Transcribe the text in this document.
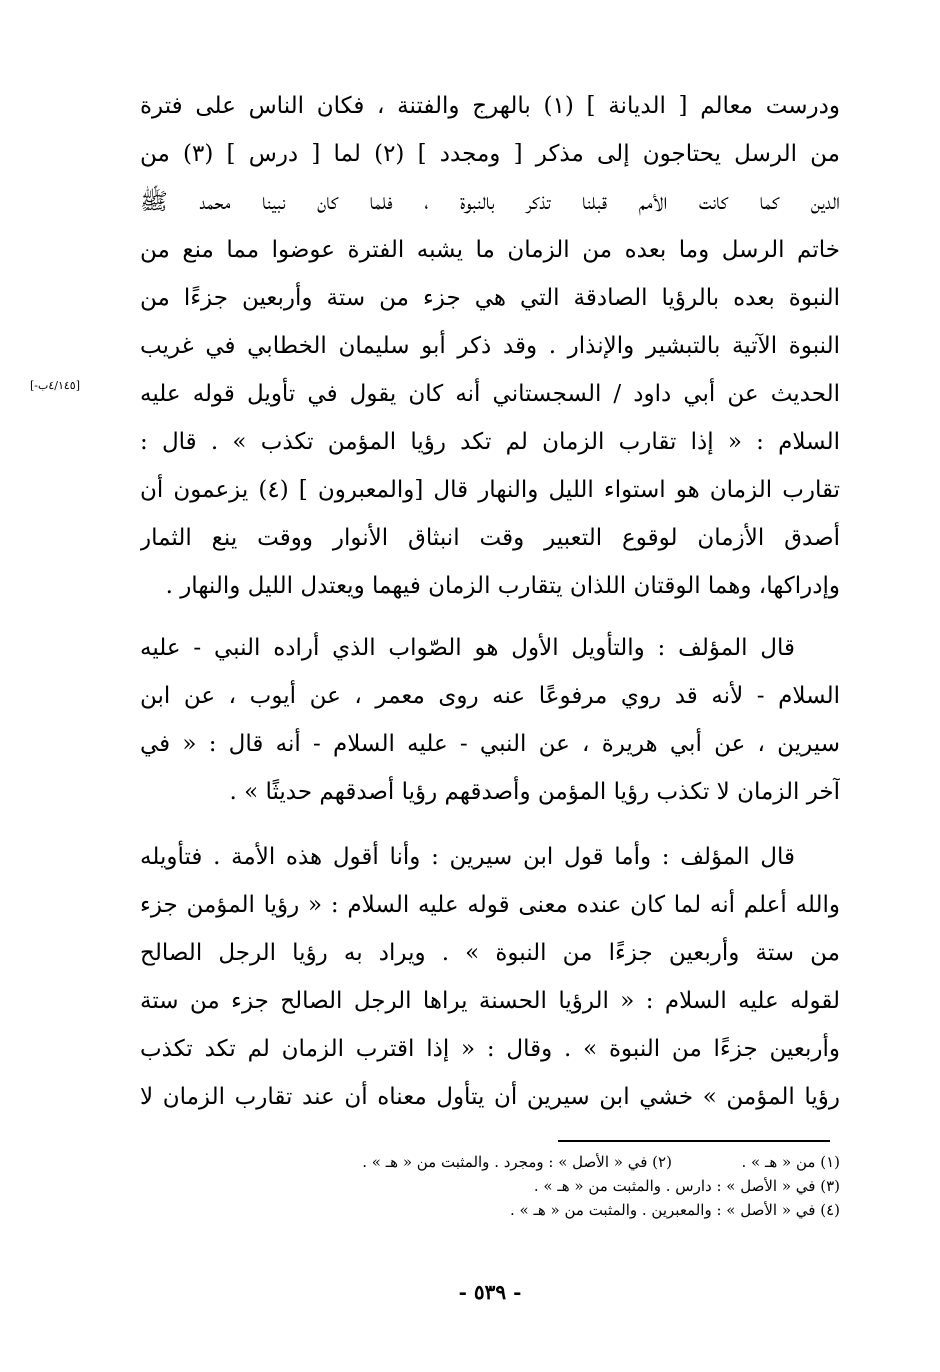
ودرست معالم [ الديانة ] (١) بالهرج والفتنة ، فكان الناس على فترة
من الرسل يحتاجون إلى مذكر [ ومجدد ] (٢) لما [ درس ] (٣) من
الدين كما كانت الأمم قبلنا تذكر بالنبوة ، فلما كان نبينا محمد ﷺ
خاتم الرسل وما بعده من الزمان ما يشبه الفترة عوضوا مما منع من
النبوة بعده بالرؤيا الصادقة التي هي جزء من ستة وأربعين جزءًا من
النبوة الآتية بالتبشير والإنذار . وقد ذكر أبو سليمان الخطابي في غريب
الحديث عن أبي داود / السجستاني أنه كان يقول في تأويل قوله عليه
السلام : « إذا تقارب الزمان لم تكد رؤيا المؤمن تكذب » . قال :
تقارب الزمان هو استواء الليل والنهار قال [والمعبرون ] (٤) يزعمون أن
أصدق الأزمان لوقوع التعبير وقت انبثاق الأنوار ووقت ينع الثمار
وإدراكها، وهما الوقتان اللذان يتقارب الزمان فيهما ويعتدل الليل والنهار .
[٤/١٤٥ب-]
قال المؤلف : والتأويل الأول هو الصّواب الذي أراده النبي - عليه
السلام - لأنه قد روي مرفوعًا عنه روى معمر ، عن أيوب ، عن ابن
سيرين ، عن أبي هريرة ، عن النبي - عليه السلام - أنه قال : « في
آخر الزمان لا تكذب رؤيا المؤمن وأصدقهم رؤيا أصدقهم حديثًا » .
قال المؤلف : وأما قول ابن سيرين : وأنا أقول هذه الأمة . فتأويله
والله أعلم أنه لما كان عنده معنى قوله عليه السلام : « رؤيا المؤمن جزء
من ستة وأربعين جزءًا من النبوة » . ويراد به رؤيا الرجل الصالح
لقوله عليه السلام : « الرؤيا الحسنة يراها الرجل الصالح جزء من ستة
وأربعين جزءًا من النبوة » . وقال : « إذا اقترب الزمان لم تكد تكذب
رؤيا المؤمن » خشي ابن سيرين أن يتأول معناه أن عند تقارب الزمان لا
(١) من « هـ » .  (٢) في « الأصل » : ومجرد . والمثبت من « هـ » .
(٣) في « الأصل » : دارس . والمثبت من « هـ » .
(٤) في « الأصل » : والمعبرين . والمثبت من « هـ » .
- ٥٣٩ -
